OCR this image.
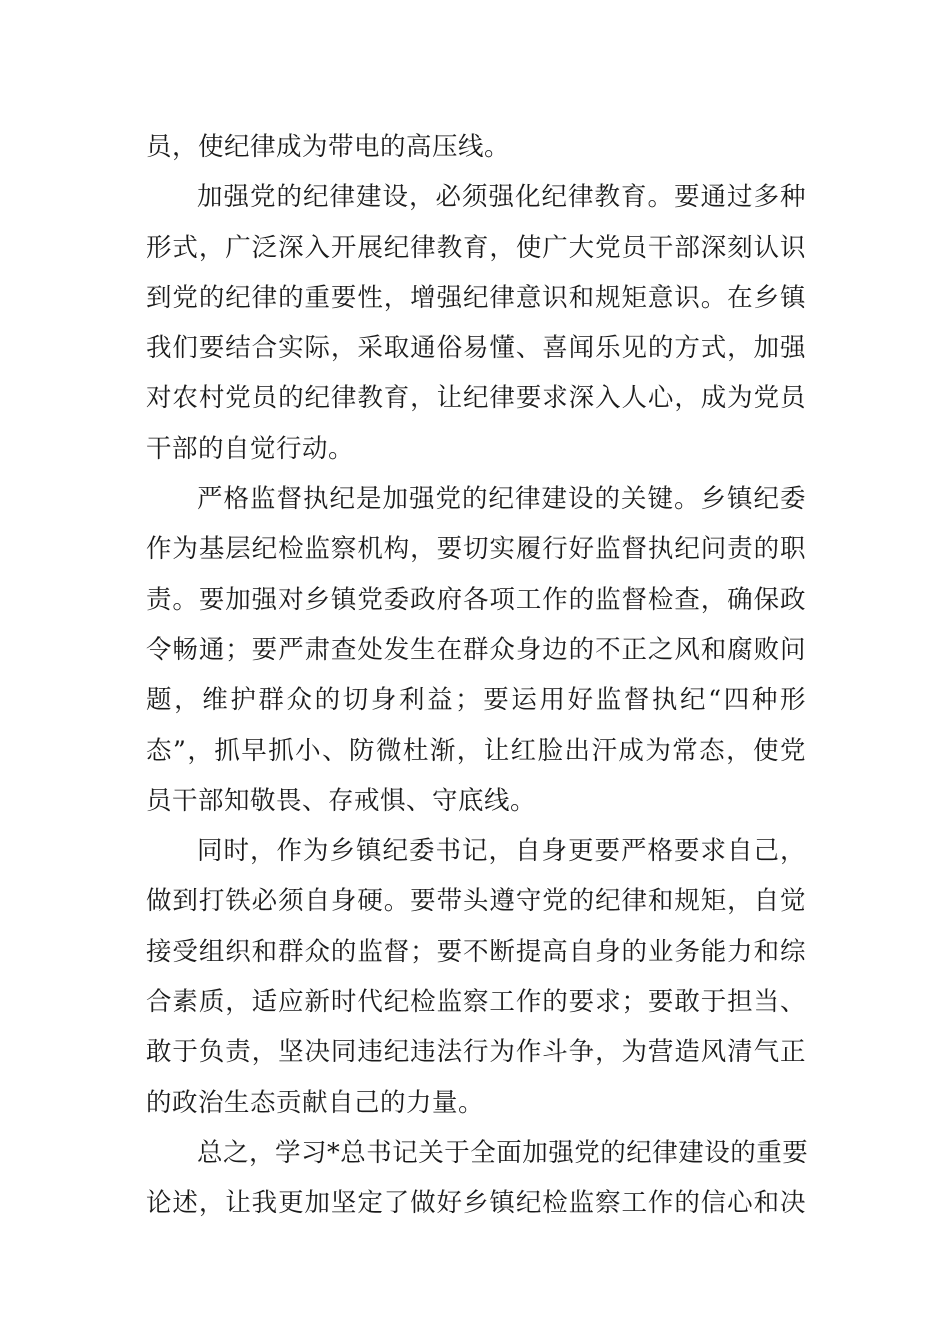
员，使纪律成为带电的高压线。
加强党的纪律建设，必须强化纪律教育。要通过多种
形式，广泛深入开展纪律教育，使广大党员干部深刻认识
到党的纪律的重要性，增强纪律意识和规矩意识。在乡镇
我们要结合实际，采取通俗易懂、喜闻乐见的方式，加强
对农村党员的纪律教育，让纪律要求深入人心，成为党员
干部的自觉行动。
严格监督执纪是加强党的纪律建设的关键。乡镇纪委
作为基层纪检监察机构，要切实履行好监督执纪问责的职
责。要加强对乡镇党委政府各项工作的监督检查，确保政
令畅通；要严肃查处发生在群众身边的不正之风和腐败问
题，维护群众的切身利益；要运用好监督执纪“四种形
态”，抓早抓小、防微杜渐，让红脸出汗成为常态，使党
员干部知敬畏、存戒惧、守底线。
同时，作为乡镇纪委书记，自身更要严格要求自己，
做到打铁必须自身硬。要带头遵守党的纪律和规矩，自觉
接受组织和群众的监督；要不断提高自身的业务能力和综
合素质，适应新时代纪检监察工作的要求；要敢于担当、
敢于负责，坚决同违纪违法行为作斗争，为营造风清气正
的政治生态贡献自己的力量。
总之，学习*总书记关于全面加强党的纪律建设的重要
论述，让我更加坚定了做好乡镇纪检监察工作的信心和决
